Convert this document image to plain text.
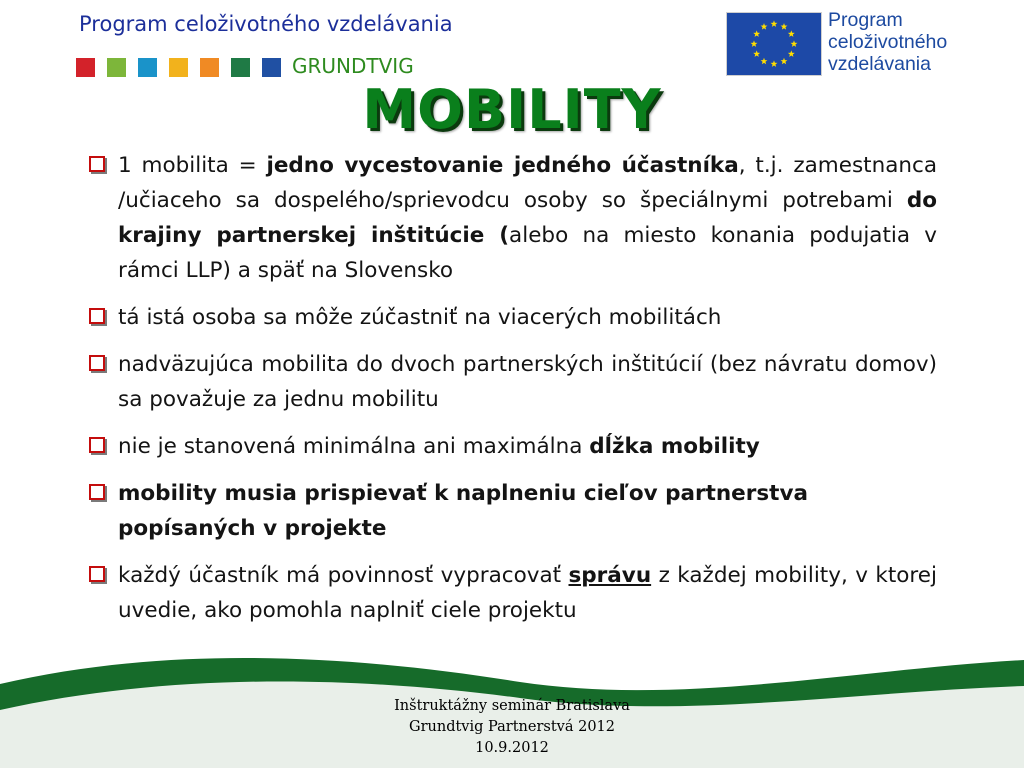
Program celoživotného vzdelávania
GRUNDTVIG
Program
celoživotného
vzdelávania
MOBILITY
1 mobilita = jedno vycestovanie jedného účastníka, t.j. zamestnanca /učiaceho sa dospelého/sprievodcu osoby so špeciálnymi potrebami do krajiny partnerskej inštitúcie (alebo na miesto konania podujatia v rámci LLP) a späť na Slovensko
tá istá osoba sa môže zúčastniť na viacerých mobilitách
nadväzujúca mobilita do dvoch partnerských inštitúcií (bez návratu domov) sa považuje za jednu mobilitu
nie je stanovená minimálna ani maximálna dĺžka mobility
mobility musia prispievať k naplneniu cieľov partnerstva popísaných v projekte
každý účastník má povinnosť vypracovať správu z každej mobility, v ktorej uvedie, ako pomohla naplniť ciele projektu
Inštruktážny seminár Bratislava
Grundtvig Partnerstvá 2012
10.9.2012
